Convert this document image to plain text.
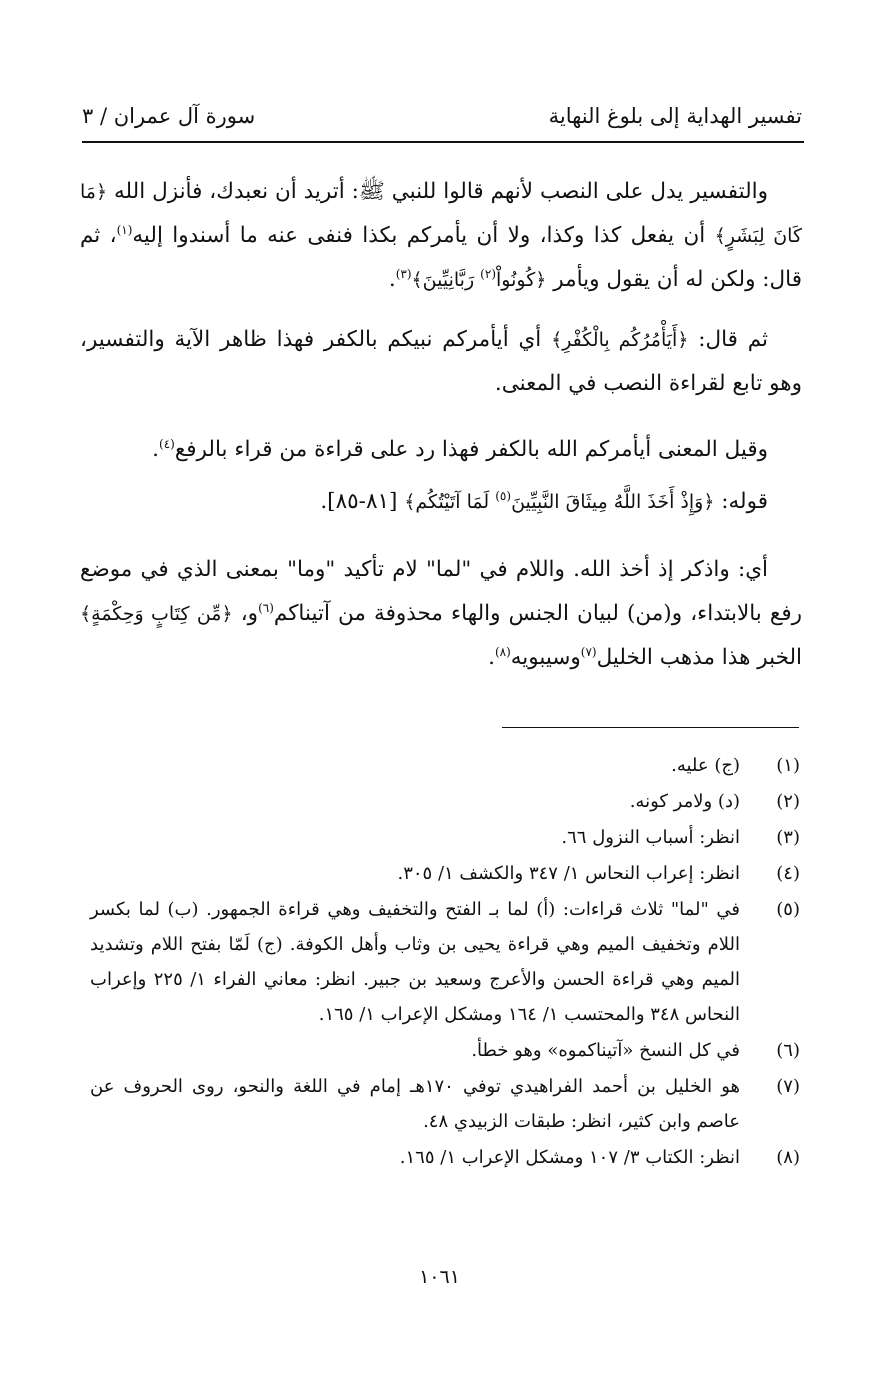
تفسير الهداية إلى بلوغ النهاية
سورة آل عمران / ٣

والتفسير يدل على النصب لأنهم قالوا للنبي ﷺ: أتريد أن نعبدك، فأنزل الله ﴿مَا كَانَ لِبَشَرٍ﴾ أن يفعل كذا وكذا، ولا أن يأمركم بكذا فنفى عنه ما أسندوا إليه$^{(١)}$، ثم قال: ولكن له أن يقول ويأمر ﴿كُونُواْ$^{(٢)}$ رَبَّانِيِّينَ﴾$^{(٣)}$.

ثم قال: ﴿أَيَأْمُرُكُم بِالْكُفْرِ﴾ أي أيأمركم نبيكم بالكفر فهذا ظاهر الآية والتفسير، وهو تابع لقراءة النصب في المعنى.

وقيل المعنى أيأمركم الله بالكفر فهذا رد على قراءة من قراء بالرفع$^{(٤)}$.

قوله: ﴿وَإِذْ أَخَذَ اللَّهُ مِيثَاقَ النَّبِيِّينَ$^{(٥)}$ لَمَا آتَيْتُكُم﴾ [٨١-٨٥].

أي: واذكر إذ أخذ الله. واللام في "لما" لام تأكيد "وما" بمعنى الذي في موضع رفع بالابتداء، و(من) لبيان الجنس والهاء محذوفة من آتيناكم$^{(٦)}$و، ﴿مِّن كِتَابٍ وَحِكْمَةٍ﴾ الخبر هذا مذهب الخليل$^{(٧)}$وسيبويه$^{(٨)}$.

(١)
(ج) عليه.
(٢)
(د) ولامر كونه.
(٣)
انظر: أسباب النزول ٦٦.
(٤)
انظر: إعراب النحاس ١/ ٣٤٧ والكشف ١/ ٣٠٥.
(٥)
في "لما" ثلاث قراءات: (أ) لما بـ الفتح والتخفيف وهي قراءة الجمهور. (ب) لما بكسر اللام وتخفيف الميم وهي قراءة يحيى بن وثاب وأهل الكوفة. (ج) لَمّا بفتح اللام وتشديد الميم وهي قراءة الحسن والأعرج وسعيد بن جبير. انظر: معاني الفراء ١/ ٢٢٥ وإعراب النحاس ٣٤٨ والمحتسب ١/ ١٦٤ ومشكل الإعراب ١/ ١٦٥.
(٦)
في كل النسخ «آتيناكموه» وهو خطأ.
(٧)
هو الخليل بن أحمد الفراهيدي توفي ١٧٠هـ إمام في اللغة والنحو، روى الحروف عن عاصم وابن كثير، انظر: طبقات الزبيدي ٤٨.
(٨)
انظر: الكتاب ٣/ ١٠٧ ومشكل الإعراب ١/ ١٦٥.
١٠٦١
